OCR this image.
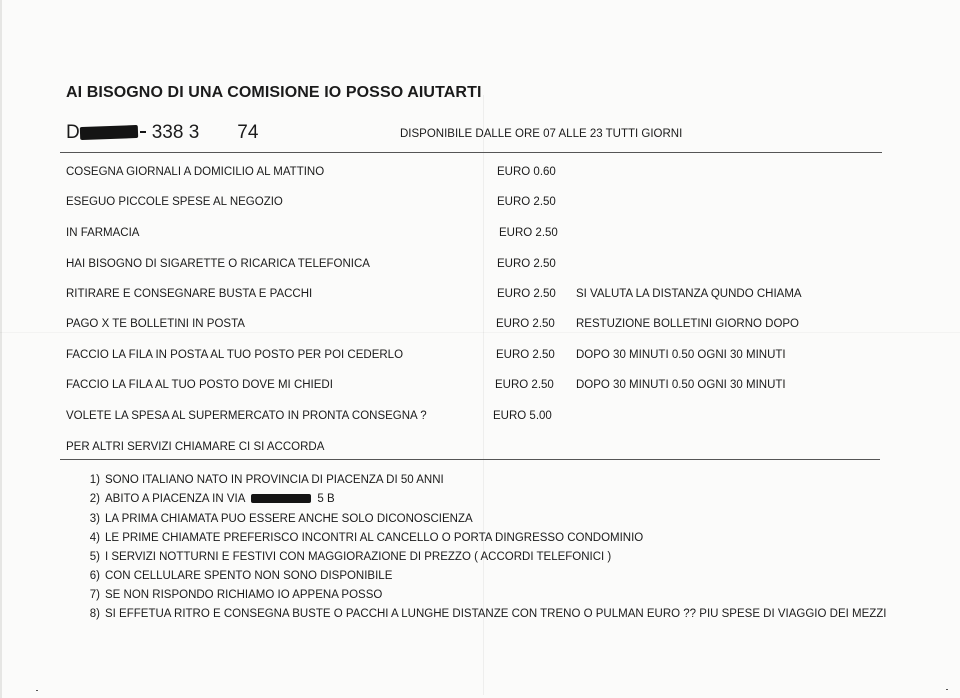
AI BISOGNO DI UNA COMISIONE IO POSSO AIUTARTI
D	338 3 74	DISPONIBILE DALLE ORE 07 ALLE 23 TUTTI GIORNI
COSEGNA GIORNALI A DOMICILIO AL MATTINO	EURO 0.60
ESEGUO PICCOLE SPESE AL NEGOZIO	EURO 2.50
IN FARMACIA	EURO 2.50
HAI BISOGNO DI SIGARETTE O RICARICA TELEFONICA	EURO 2.50
RITIRARE E CONSEGNARE BUSTA E PACCHI	EURO 2.50 SI VALUTA LA DISTANZA QUNDO CHIAMA
PAGO X TE BOLLETINI IN POSTA	EURO 2.50 RESTUZIONE BOLLETINI GIORNO DOPO
FACCIO LA FILA IN POSTA AL TUO POSTO PER POI CEDERLO	EURO 2.50 DOPO 30 MINUTI 0.50 OGNI 30 MINUTI
FACCIO LA FILA AL TUO POSTO DOVE MI CHIEDI	EURO 2.50 DOPO 30 MINUTI 0.50 OGNI 30 MINUTI
VOLETE LA SPESA AL SUPERMERCATO IN PRONTA CONSEGNA ?	EURO 5.00
PER ALTRI SERVIZI CHIAMARE CI SI ACCORDA
1) SONO ITALIANO NATO IN PROVINCIA DI PIACENZA DI 50 ANNI
2) ABITO A PIACENZA IN VIA	5 B
3) LA PRIMA CHIAMATA PUO ESSERE ANCHE SOLO DICONOSCIENZA
4) LE PRIME CHIAMATE PREFERISCO INCONTRI AL CANCELLO O PORTA DINGRESSO CONDOMINIO
5) I SERVIZI NOTTURNI E FESTIVI CON MAGGIORAZIONE DI PREZZO ( ACCORDI TELEFONICI )
6) CON CELLULARE SPENTO NON SONO DISPONIBILE
7) SE NON RISPONDO RICHIAMO IO APPENA POSSO
8) SI EFFETUA RITRO E CONSEGNA BUSTE O PACCHI A LUNGHE DISTANZE CON TRENO O PULMAN EURO ?? PIU SPESE DI VIAGGIO DEI MEZZI
